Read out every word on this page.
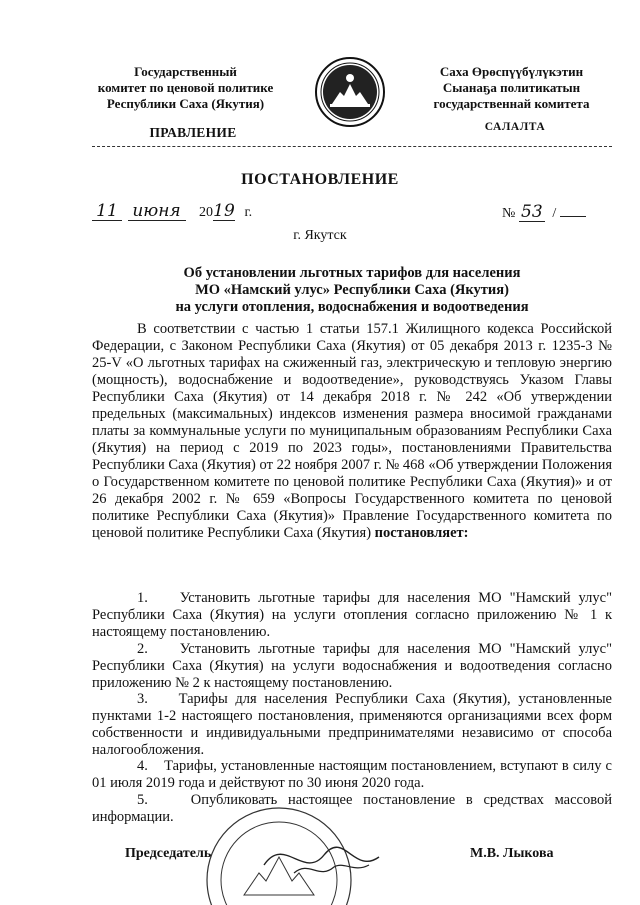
Государственный
комитет по ценовой политике
Республики Саха (Якутия)
Саха Өрөспүүбүлүкэтин
Сыанаҕа политикатын
государственнай комитета
ПРАВЛЕНИЕ	САЛАЛТА
ПОСТАНОВЛЕНИЕ
11 июня 2019 г.	№ 53 /
г. Якутск
Об установлении льготных тарифов для населения
МО «Намский улус» Республики Саха (Якутия)
на услуги отопления, водоснабжения и водоотведения

В соответствии с частью 1 статьи 157.1 Жилищного кодекса Российской Федерации, с Законом Республики Саха (Якутия) от 05 декабря 2013 г. 1235-3 № 25-V «О льготных тарифах на сжиженный газ, электрическую и тепловую энергию (мощность), водоснабжение и водоотведение», руководствуясь Указом Главы Республики Саха (Якутия) от 14 декабря 2018 г. № 242 «Об утверждении предельных (максимальных) индексов изменения размера вносимой гражданами платы за коммунальные услуги по муниципальным образованиям Республики Саха (Якутия) на период с 2019 по 2023 годы», постановлениями Правительства Республики Саха (Якутия) от 22 ноября 2007 г. № 468 «Об утверждении Положения о Государственном комитете по ценовой политике Республики Саха (Якутия)» и от 26 декабря 2002 г. № 659 «Вопросы Государственного комитета по ценовой политике Республики Саха (Якутия)» Правление Государственного комитета по ценовой политике Республики Саха (Якутия) постановляет:

1. Установить льготные тарифы для населения МО "Намский улус" Республики Саха (Якутия) на услуги отопления согласно приложению № 1 к настоящему постановлению.

2. Установить льготные тарифы для населения МО "Намский улус" Республики Саха (Якутия) на услуги водоснабжения и водоотведения согласно приложению № 2 к настоящему постановлению.

3. Тарифы для населения Республики Саха (Якутия), установленные пунктами 1-2 настоящего постановления, применяются организациями всех форм собственности и индивидуальными предпринимателями независимо от способа налогообложения.

4. Тарифы, установленные настоящим постановлением, вступают в силу с 01 июля 2019 года и действуют по 30 июня 2020 года.

5.	Опубликовать настоящее постановление в средствах массовой информации.

Председатель	М.В. Лыкова
